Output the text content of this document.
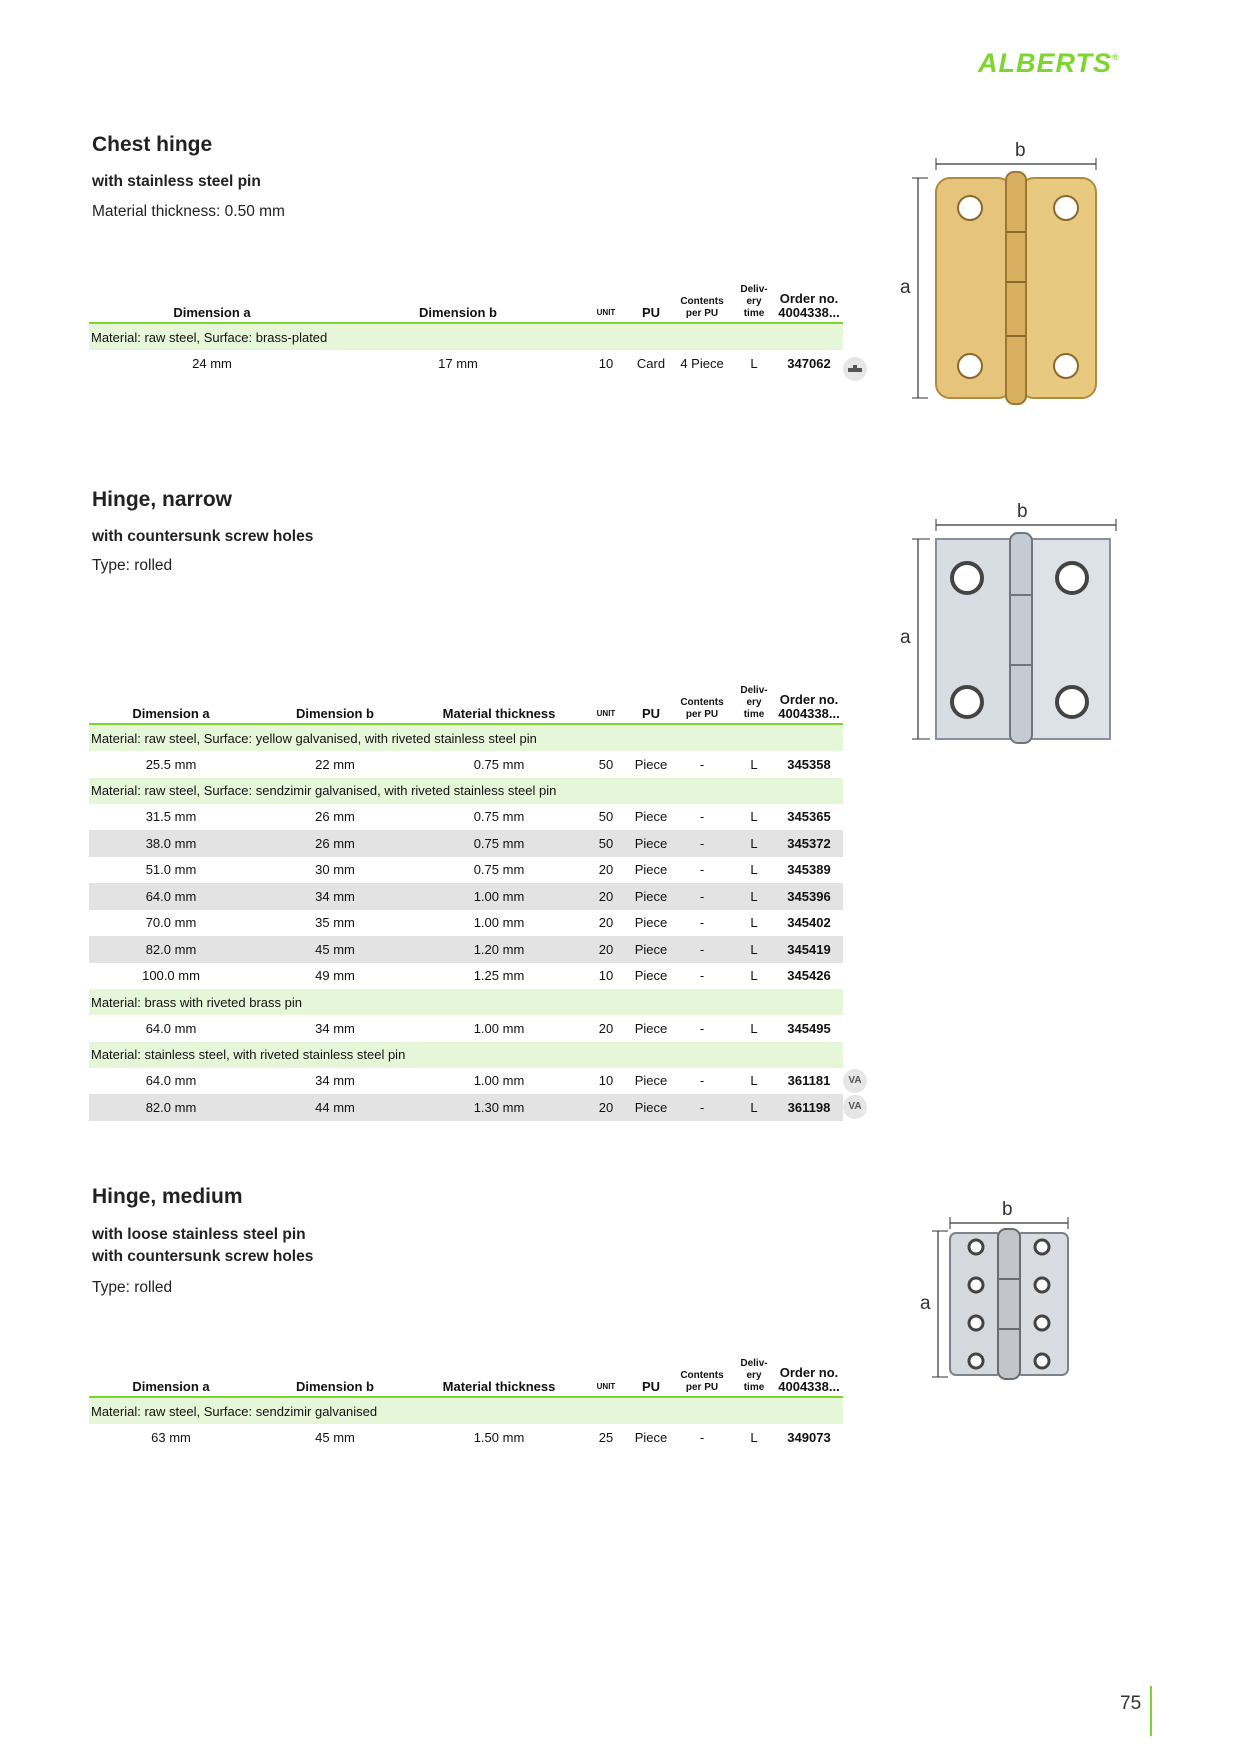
ALBERTS®
Chest hinge
with stainless steel pin
Material thickness: 0.50 mm
Dimension a	Dimension b	UNIT	PU	Contents
per PU	Deliv-
ery time	Order no.
4004338...
Material: raw steel, Surface: brass-plated						
24 mm	17 mm	10	Card	4 Piece	L	347062
b
a
Hinge, narrow
with countersunk screw holes
Type: rolled
Dimension a	Dimension b	Material thickness	UNIT	PU	Contents
per PU	Deliv-
ery time	Order no.
4004338...
Material: raw steel, Surface: yellow galvanised, with riveted stainless steel pin							
25.5 mm	22 mm	0.75 mm	50	Piece	-	L	345358
Material: raw steel, Surface: sendzimir galvanised, with riveted stainless steel pin							
31.5 mm	26 mm	0.75 mm	50	Piece	-	L	345365
38.0 mm	26 mm	0.75 mm	50	Piece	-	L	345372
51.0 mm	30 mm	0.75 mm	20	Piece	-	L	345389
64.0 mm	34 mm	1.00 mm	20	Piece	-	L	345396
70.0 mm	35 mm	1.00 mm	20	Piece	-	L	345402
82.0 mm	45 mm	1.20 mm	20	Piece	-	L	345419
100.0 mm	49 mm	1.25 mm	10	Piece	-	L	345426
Material: brass with riveted brass pin							
64.0 mm	34 mm	1.00 mm	20	Piece	-	L	345495
Material: stainless steel, with riveted stainless steel pin							
64.0 mm	34 mm	1.00 mm	10	Piece	-	L	361181
82.0 mm	44 mm	1.30 mm	20	Piece	-	L	361198
b
a
Hinge, medium
with loose stainless steel pin
with countersunk screw holes
Type: rolled
Dimension a	Dimension b	Material thickness	UNIT	PU	Contents
per PU	Deliv-
ery time	Order no.
4004338...
Material: raw steel, Surface: sendzimir galvanised							
63 mm	45 mm	1.50 mm	25	Piece	-	L	349073
b
a
75
VA
VA
